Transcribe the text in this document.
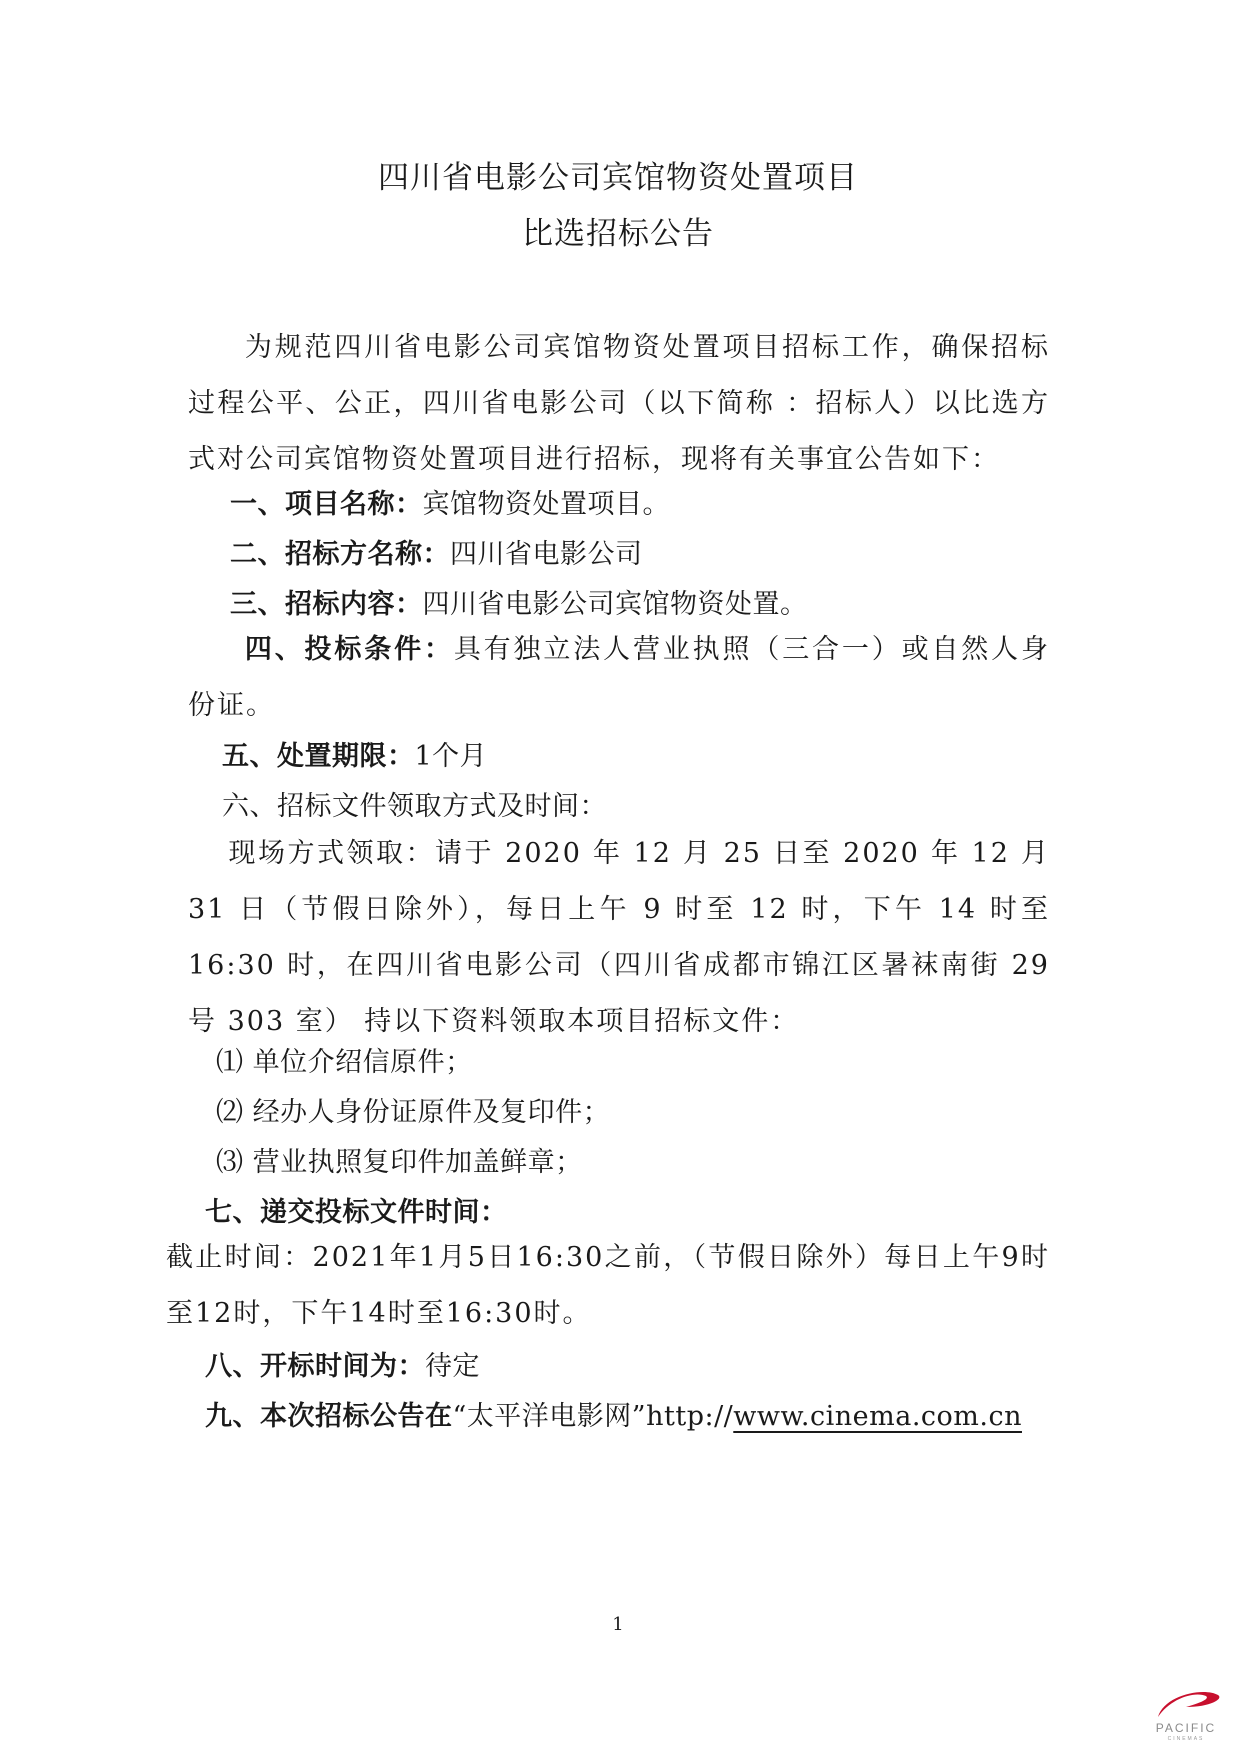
四川省电影公司宾馆物资处置项目
比选招标公告
为规范四川省电影公司宾馆物资处置项目招标工作，确保招标过程公平、公正，四川省电影公司（以下简称 ：招标人）以比选方式对公司宾馆物资处置项目进行招标，现将有关事宜公告如下：
一、项目名称：宾馆物资处置项目。
二、招标方名称：四川省电影公司
三、招标内容：四川省电影公司宾馆物资处置。
四、投标条件：具有独立法人营业执照（三合一）或自然人身份证。
五、处置期限：1个月
六、招标文件领取方式及时间：
现场方式领取：请于 2020 年 12 月 25 日至 2020 年 12 月 31 日（节假日除外），每日上午 9 时至 12 时，下午 14 时至 16:30 时，在四川省电影公司（四川省成都市锦江区暑袜南街 29 号 303 室） 持以下资料领取本项目招标文件：
⑴ 单位介绍信原件；
⑵ 经办人身份证原件及复印件；
⑶ 营业执照复印件加盖鲜章；
七、递交投标文件时间：
截止时间：2021年1月5日16:30之前，（节假日除外）每日上午9时至12时，下午14时至16:30时。
八、开标时间为：待定
九、本次招标公告在“太平洋电影网”http://www.cinema.com.cn
1
PACIFIC
CINEMAS
